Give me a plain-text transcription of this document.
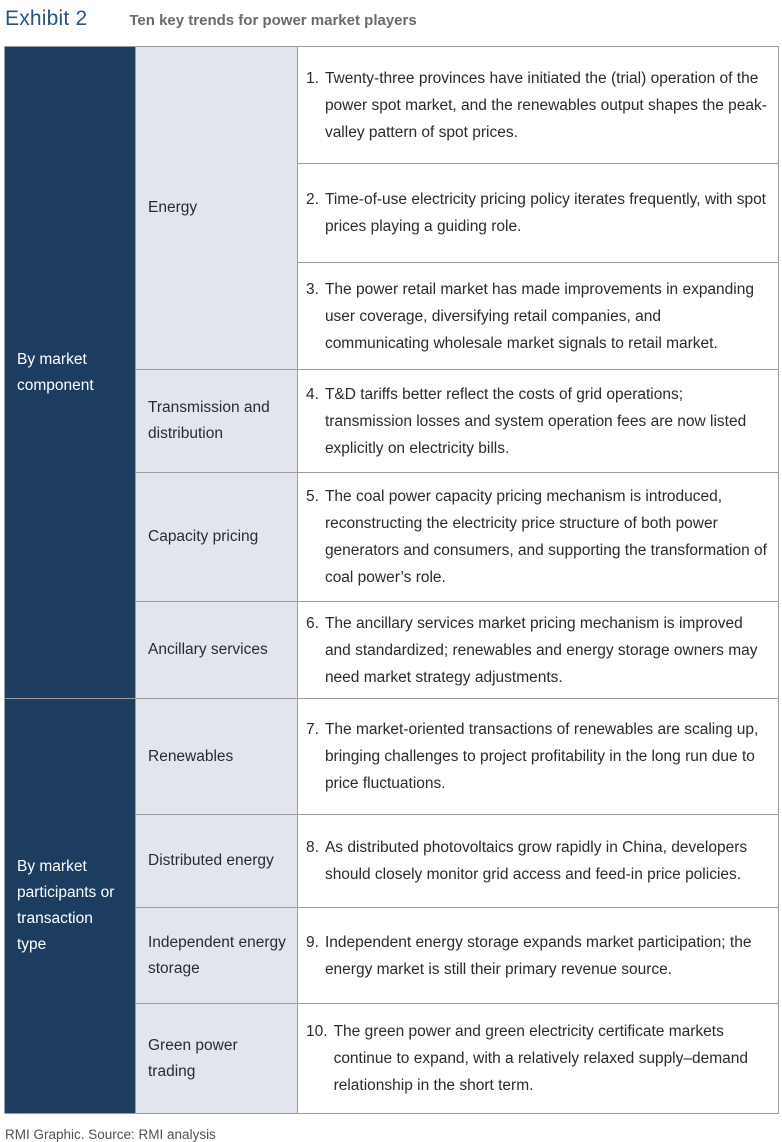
Exhibit 2	Ten key trends for power market players
By market component	Energy	1. Twenty-three provinces have initiated the (trial) operation of the power spot market, and the renewables output shapes the peak-valley pattern of spot prices.

		2. Time-of-use electricity pricing policy iterates frequently, with spot prices playing a guiding role.

		3. The power retail market has made improvements in expanding user coverage, diversifying retail companies, and communicating wholesale market signals to retail market.

	Transmission and distribution	4. T&D tariffs better reflect the costs of grid operations; transmission losses and system operation fees are now listed explicitly on electricity bills.

	Capacity pricing	5. The coal power capacity pricing mechanism is introduced, reconstructing the electricity price structure of both power generators and consumers, and supporting the transformation of coal power’s role.

	Ancillary services	6. The ancillary services market pricing mechanism is improved and standardized; renewables and energy storage owners may need market strategy adjustments.

By market participants or transaction type	Renewables	7. The market-oriented transactions of renewables are scaling up, bringing challenges to project profitability in the long run due to price fluctuations.

	Distributed energy	8. As distributed photovoltaics grow rapidly in China, developers should closely monitor grid access and feed-in price policies.

	Independent energy storage	9. Independent energy storage expands market participation; the energy market is still their primary revenue source.

	Green power trading	10. The green power and green electricity certificate markets continue to expand, with a relatively relaxed supply–demand relationship in the short term.
RMI Graphic. Source: RMI analysis
